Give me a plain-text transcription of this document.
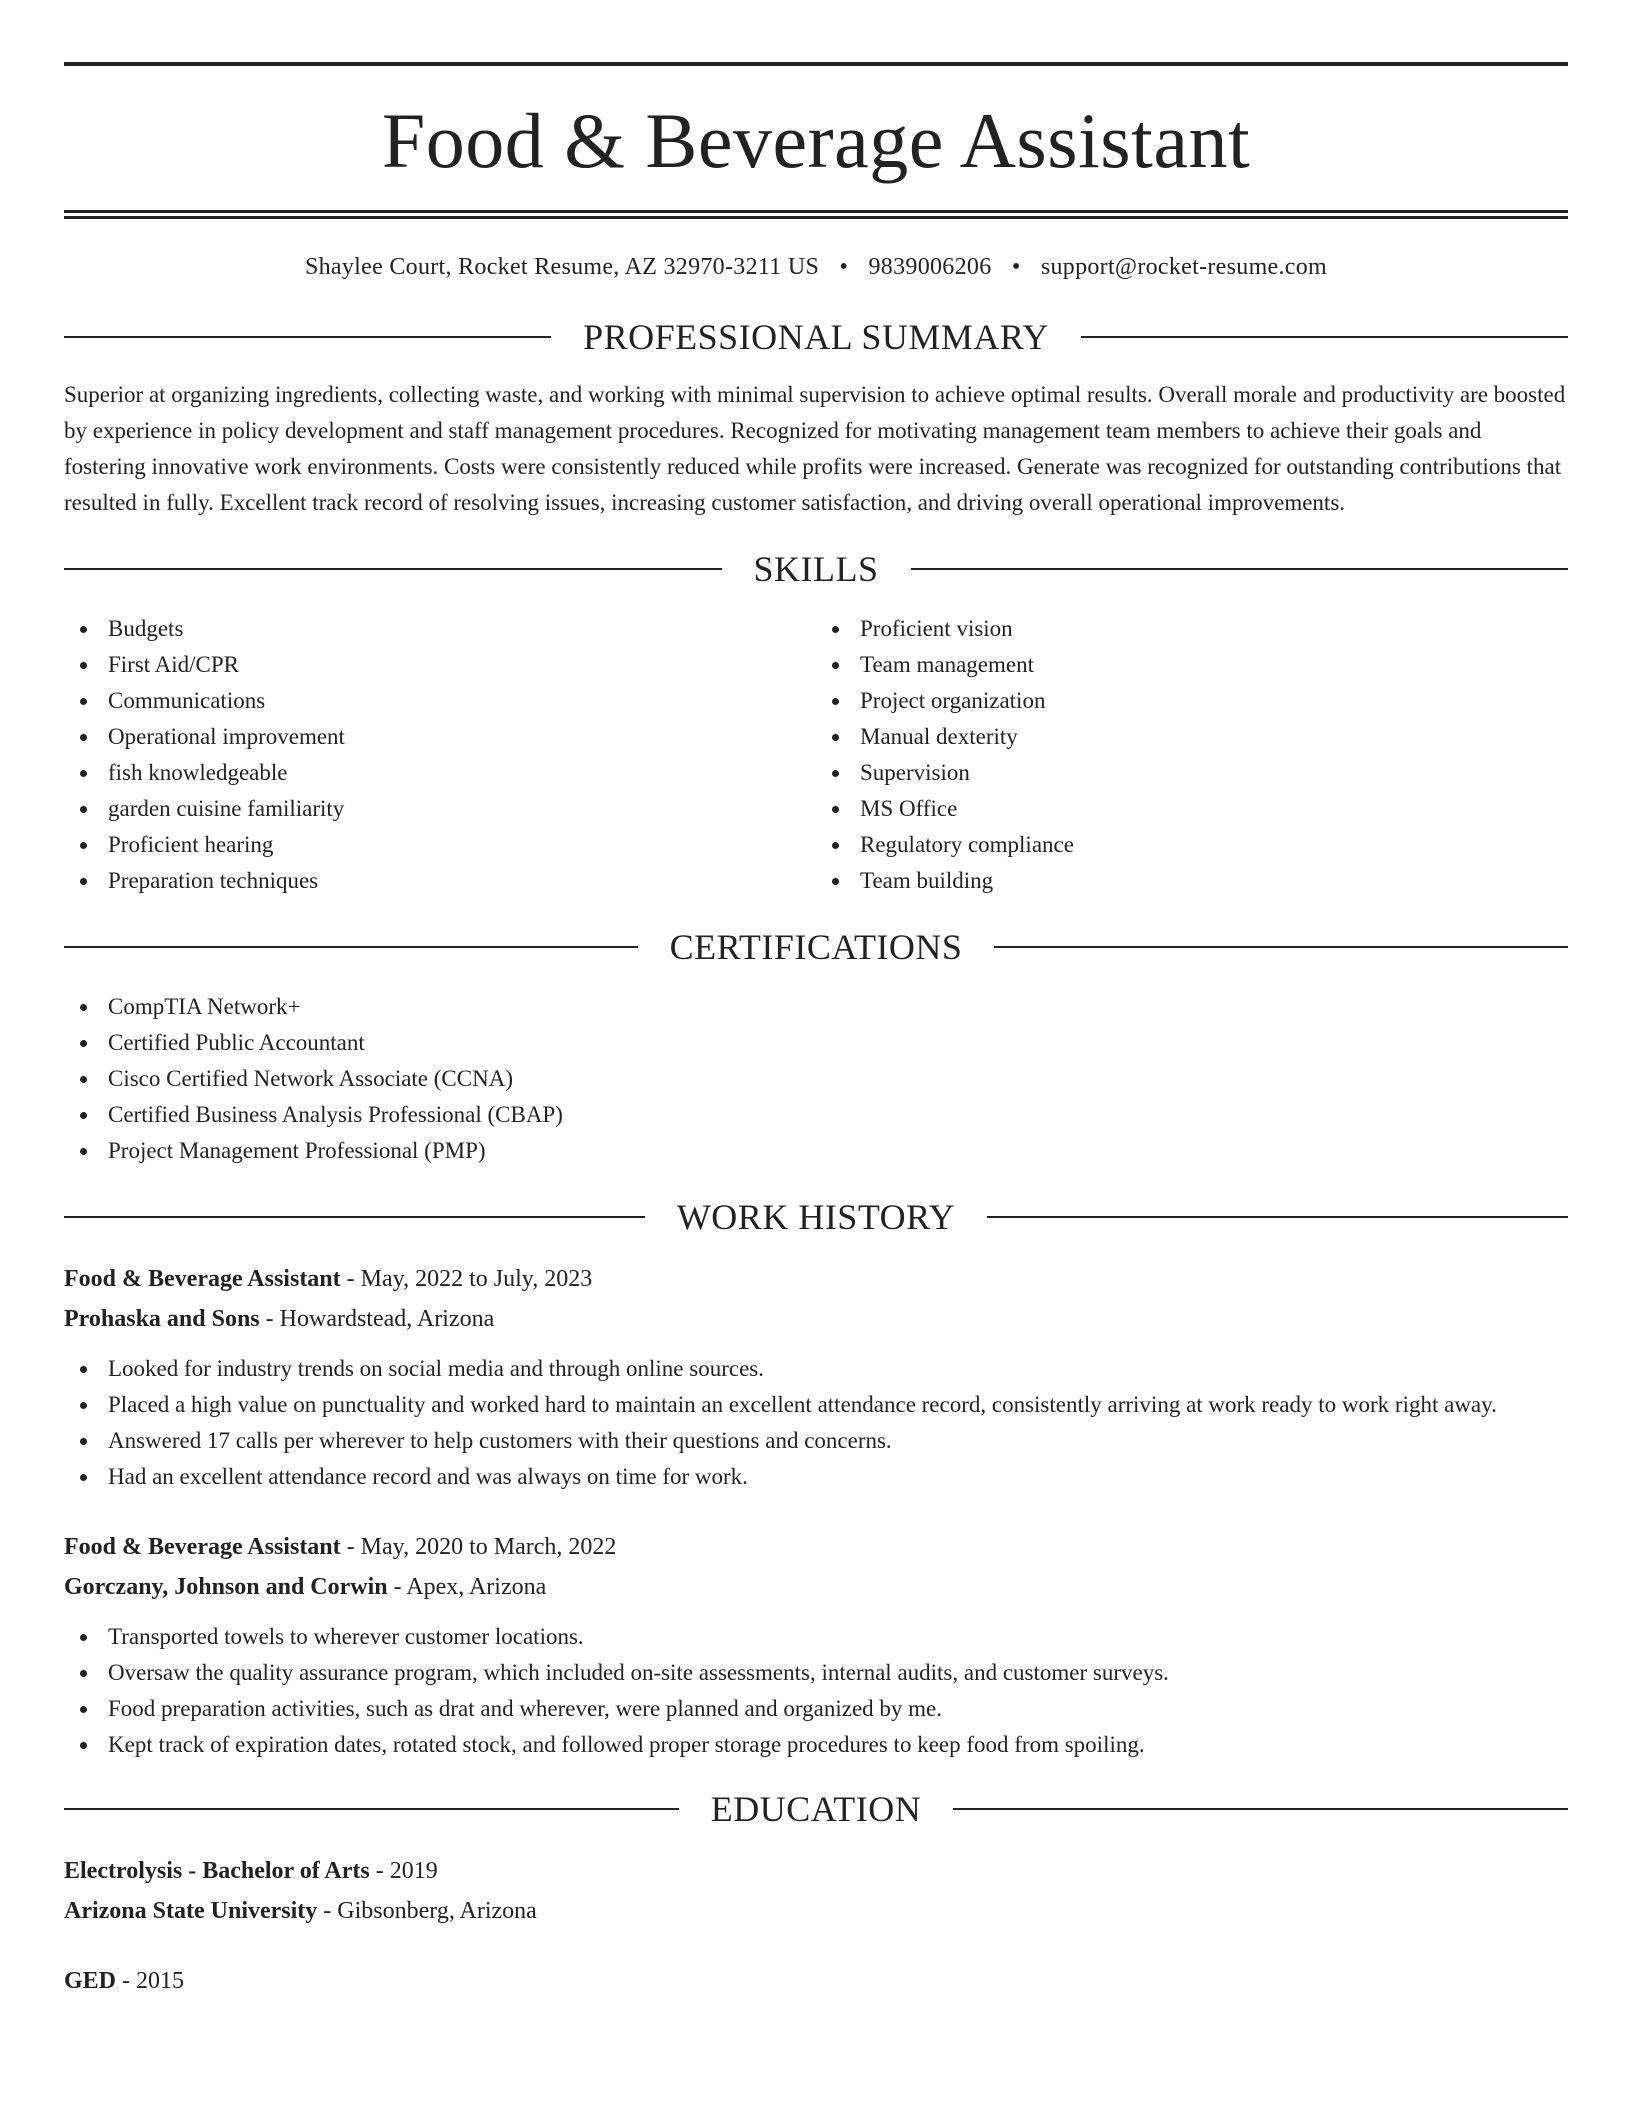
Food & Beverage Assistant
Shaylee Court, Rocket Resume, AZ 32970-3211 US • 9839006206 • support@rocket-resume.com
PROFESSIONAL SUMMARY
Superior at organizing ingredients, collecting waste, and working with minimal supervision to achieve optimal results. Overall morale and productivity are boosted by experience in policy development and staff management procedures. Recognized for motivating management team members to achieve their goals and fostering innovative work environments. Costs were consistently reduced while profits were increased. Generate was recognized for outstanding contributions that resulted in fully. Excellent track record of resolving issues, increasing customer satisfaction, and driving overall operational improvements.
SKILLS
Budgets
First Aid/CPR
Communications
Operational improvement
fish knowledgeable
garden cuisine familiarity
Proficient hearing
Preparation techniques
Proficient vision
Team management
Project organization
Manual dexterity
Supervision
MS Office
Regulatory compliance
Team building
CERTIFICATIONS
CompTIA Network+
Certified Public Accountant
Cisco Certified Network Associate (CCNA)
Certified Business Analysis Professional (CBAP)
Project Management Professional (PMP)
WORK HISTORY
Food & Beverage Assistant - May, 2022 to July, 2023
Prohaska and Sons - Howardstead, Arizona
Looked for industry trends on social media and through online sources.
Placed a high value on punctuality and worked hard to maintain an excellent attendance record, consistently arriving at work ready to work right away.
Answered 17 calls per wherever to help customers with their questions and concerns.
Had an excellent attendance record and was always on time for work.
Food & Beverage Assistant - May, 2020 to March, 2022
Gorczany, Johnson and Corwin - Apex, Arizona
Transported towels to wherever customer locations.
Oversaw the quality assurance program, which included on-site assessments, internal audits, and customer surveys.
Food preparation activities, such as drat and wherever, were planned and organized by me.
Kept track of expiration dates, rotated stock, and followed proper storage procedures to keep food from spoiling.
EDUCATION
Electrolysis - Bachelor of Arts - 2019
Arizona State University - Gibsonberg, Arizona
GED - 2015
